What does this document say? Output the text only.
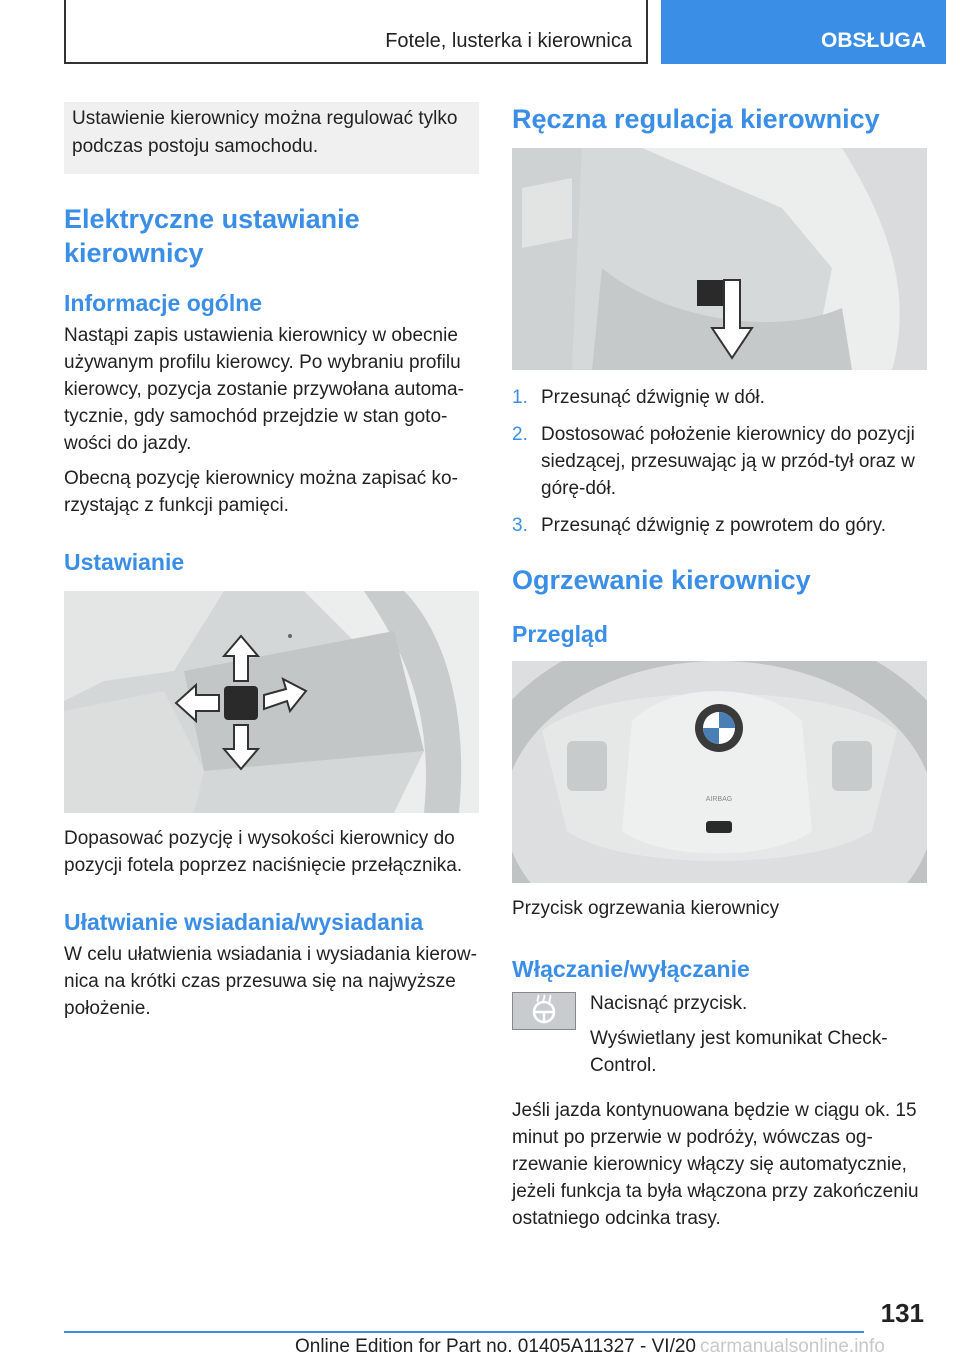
Fotele, lusterka i kierownica	OBSŁUGA
Ustawienie kierownicy można regulować tylko podczas postoju samochodu.
Elektryczne ustawianie kierownicy
Informacje ogólne

Nastąpi zapis ustawienia kierownicy w obecnie używanym profilu kierowcy. Po wybraniu profilu kierowcy, pozycja zostanie przywołana automatycznie, gdy samochód przejdzie w stan gotowości do jazdy.

Obecną pozycję kierownicy można zapisać korzystając z funkcji pamięci.

Ustawianie

Dopasować pozycję i wysokości kierownicy do pozycji fotela poprzez naciśnięcie przełącznika.

Ułatwianie wsiadania/wysiadania

W celu ułatwienia wsiadania i wysiadania kierownica na krótki czas przesuwa się na najwyższe położenie.

Ręczna regulacja kierownicy
1. Przesunąć dźwignię w dół.
2. Dostosować położenie kierownicy do pozycji siedzącej, przesuwając ją w przód-tył oraz w górę-dół.
3. Przesunąć dźwignię z powrotem do góry.
Ogrzewanie kierownicy
Przegląd
AIRBAG

Przycisk ogrzewania kierownicy

Włączanie/wyłączanie

Nacisnąć przycisk.

Wyświetlany jest komunikat Check-Control.

Jeśli jazda kontynuowana będzie w ciągu ok. 15 minut po przerwie w podróży, wówczas ogrzewanie kierownicy włączy się automatycznie, jeżeli funkcja ta była włączona przy zakończeniu ostatniego odcinka trasy.

131
Online Edition for Part no. 01405A11327 - VI/20 carmanualsonline.info
